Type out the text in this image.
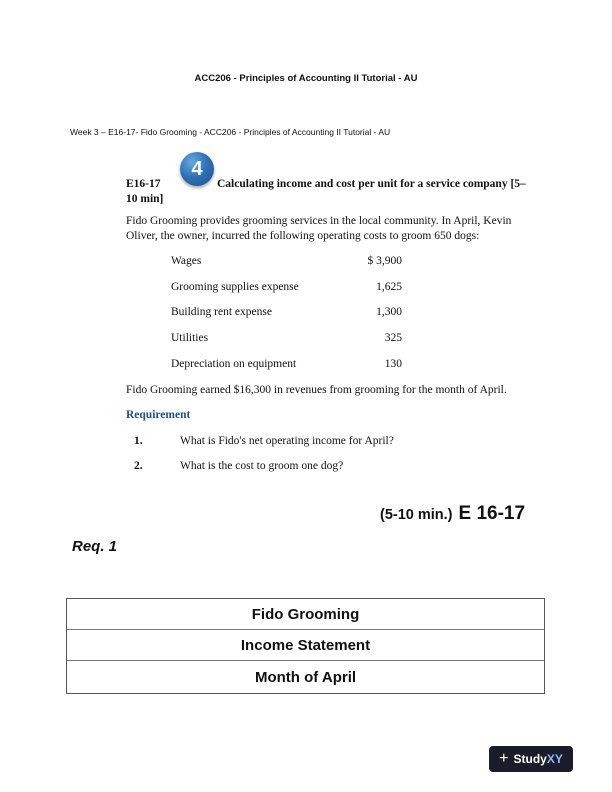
ACC206 - Principles of Accounting II Tutorial - AU
Week 3 – E16-17- Fido Grooming - ACC206 - Principles of Accounting II Tutorial - AU
E16-17
4
Calculating income and cost per unit for a service company [5–
10 min]
Fido Grooming provides grooming services in the local community. In April, Kevin Oliver, the owner, incurred the following operating costs to groom 650 dogs:
Wages	$ 3,900
Grooming supplies expense	1,625
Building rent expense	1,300
Utilities	325
Depreciation on equipment	130
Fido Grooming earned $16,300 in revenues from grooming for the month of April.
Requirement
1.	What is Fido's net operating income for April?
2.	What is the cost to groom one dog?
(5-10 min.) E 16-17
Req. 1
Fido Grooming
Income Statement
Month of April
+ StudyXY
